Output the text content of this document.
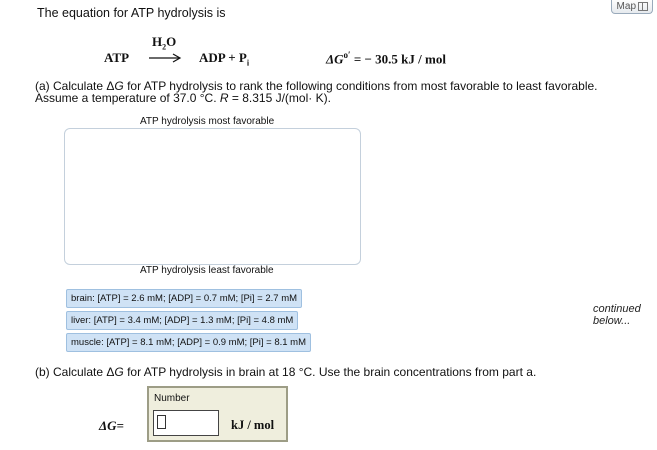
Map
The equation for ATP hydrolysis is
ATP
$H_2O$
→ ADP + $P_i$	$\Delta G^{o'}$ = − 30.5 kJ / mol
(a) Calculate ΔG for ATP hydrolysis to rank the following conditions from most favorable to least favorable.
Assume a temperature of 37.0 °C. R = 8.315 J/(mol· K).
ATP hydrolysis most favorable
ATP hydrolysis least favorable
brain: [ATP] = 2.6 mM; [ADP] = 0.7 mM; [Pi] = 2.7 mM
liver: [ATP] = 3.4 mM; [ADP] = 1.3 mM; [Pi] = 4.8 mM
muscle: [ATP] = 8.1 mM; [ADP] = 0.9 mM; [Pi] = 8.1 mM
continued
below...
(b) Calculate ΔG for ATP hydrolysis in brain at 18 °C. Use the brain concentrations from part a.
ΔG=
Number
kJ / mol
